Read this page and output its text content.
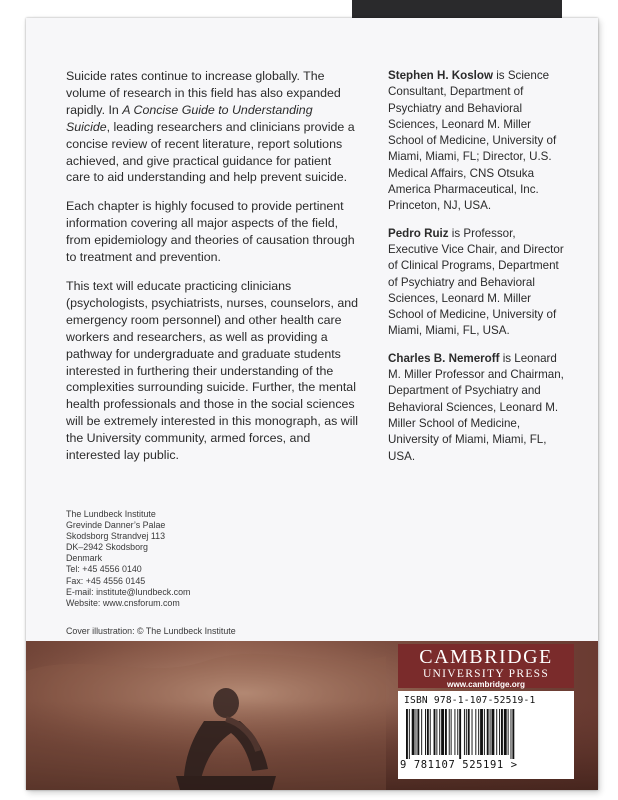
Suicide rates continue to increase globally. The volume of research in this field has also expanded rapidly. In A Concise Guide to Understanding Suicide, leading researchers and clinicians provide a concise review of recent literature, report solutions achieved, and give practical guidance for patient care to aid understanding and help prevent suicide.

Each chapter is highly focused to provide pertinent information covering all major aspects of the field, from epidemiology and theories of causation through to treatment and prevention.

This text will educate practicing clinicians (psychologists, psychiatrists, nurses, counselors, and emergency room personnel) and other health care workers and researchers, as well as providing a pathway for undergraduate and graduate students interested in furthering their understanding of the complexities surrounding suicide. Further, the mental health professionals and those in the social sciences will be extremely interested in this monograph, as will the University community, armed forces, and interested lay public.

Stephen H. Koslow is Science Consultant, Department of Psychiatry and Behavioral Sciences, Leonard M. Miller School of Medicine, University of Miami, Miami, FL; Director, U.S. Medical Affairs, CNS Otsuka America Pharmaceutical, Inc. Princeton, NJ, USA.

Pedro Ruiz is Professor, Executive Vice Chair, and Director of Clinical Programs, Department of Psychiatry and Behavioral Sciences, Leonard M. Miller School of Medicine, University of Miami, Miami, FL, USA.

Charles B. Nemeroff is Leonard M. Miller Professor and Chairman, Department of Psychiatry and Behavioral Sciences, Leonard M. Miller School of Medicine, University of Miami, Miami, FL, USA.

The Lundbeck Institute
Grevinde Danner’s Palae
Skodsborg Strandvej 113
DK–2942 Skodsborg
Denmark
Tel: +45 4556 0140
Fax: +45 4556 0145
E-mail: institute@lundbeck.com
Website: www.cnsforum.com
Cover illustration: © The Lundbeck Institute
CAMBRIDGE
UNIVERSITY PRESS
www.cambridge.org
ISBN 978-1-107-52519-1
9 781107 525191 >
